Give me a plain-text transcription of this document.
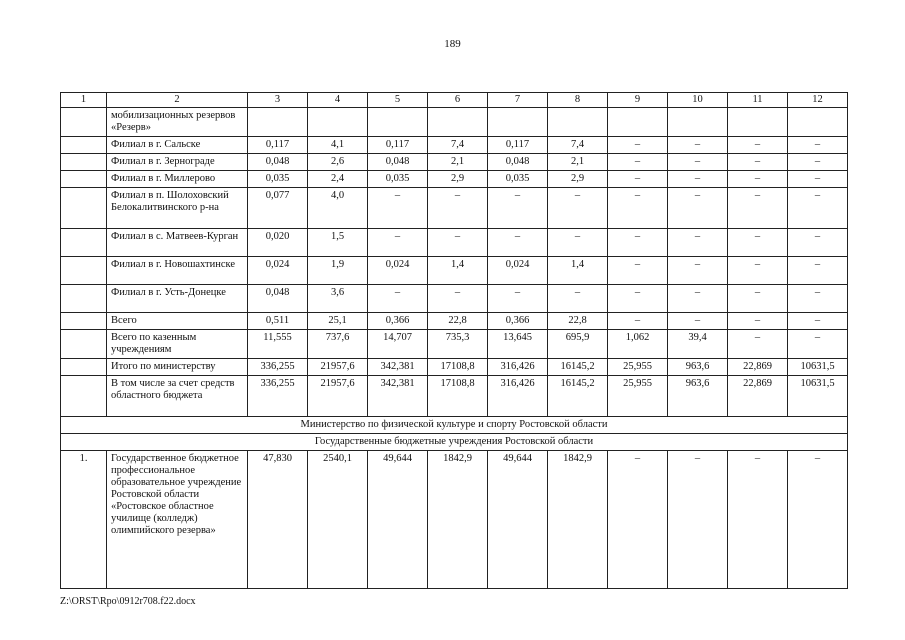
189
1	2	3	4	5	6	7	8	9	10	11	12
	мобилизационных резервов «Резерв»										
	Филиал в г. Сальске	0,117	4,1	0,117	7,4	0,117	7,4	–	–	–	–
	Филиал в г. Зернограде	0,048	2,6	0,048	2,1	0,048	2,1	–	–	–	–
	Филиал в г. Миллерово	0,035	2,4	0,035	2,9	0,035	2,9	–	–	–	–
	Филиал в п. Шолоховский Белокалитвинского р-на	0,077	4,0	–	–	–	–	–	–	–	–
	Филиал в с. Матвеев-Курган	0,020	1,5	–	–	–	–	–	–	–	–
	Филиал в г. Новошахтинске	0,024	1,9	0,024	1,4	0,024	1,4	–	–	–	–
	Филиал в г. Усть-Донецке	0,048	3,6	–	–	–	–	–	–	–	–
	Всего	0,511	25,1	0,366	22,8	0,366	22,8	–	–	–	–
	Всего по казенным учреждениям	11,555	737,6	14,707	735,3	13,645	695,9	1,062	39,4	–	–
	Итого по министерству	336,255	21957,6	342,381	17108,8	316,426	16145,2	25,955	963,6	22,869	10631,5
	В том числе за счет средств областного бюджета	336,255	21957,6	342,381	17108,8	316,426	16145,2	25,955	963,6	22,869	10631,5
Министерство по физической культуре и спорту Ростовской области											
Государственные бюджетные учреждения Ростовской области											
1.	Государственное бюджетное профессиональное образовательное учреждение Ростовской области «Ростовское областное училище (колледж) олимпийского резерва»	47,830	2540,1	49,644	1842,9	49,644	1842,9	–	–	–	–
Z:\ORST\Rpo\0912r708.f22.docx
